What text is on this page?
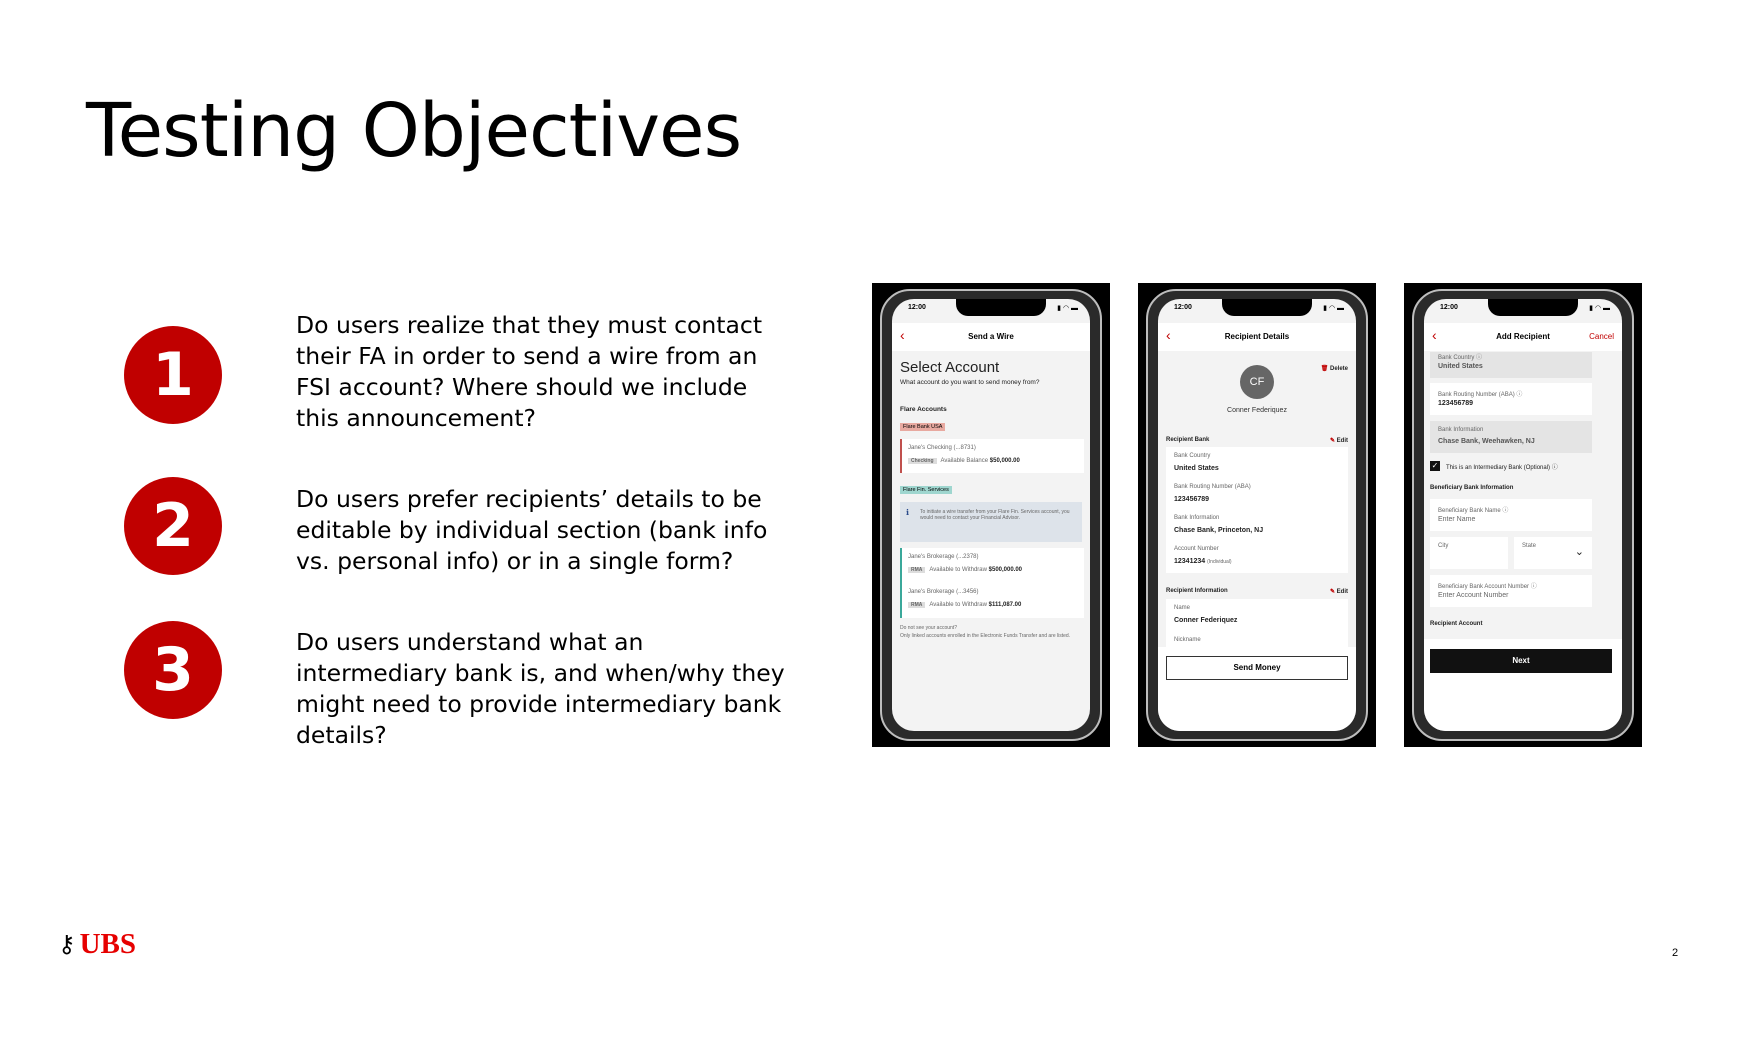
Testing Objectives
1
Do users realize that they must contact their FA in order to send a wire from an FSI account? Where should we include this announcement?
2	Do users prefer recipients’ details to be editable by individual section (bank info vs. personal info) or in a single form?
3	Do users understand what an intermediary bank is, and when/why they might need to provide intermediary bank details?
12:00	▮ ◠ ▬
‹	Send a Wire
Select Account
What account do you want to send money from?
Flare Accounts
Flare Bank USA
Jane's Checking (...8731)
Checking Available Balance $50,000.00
Flare Fin. Services
ℹ To initiate a wire transfer from your Flare Fin. Services account, you would need to contact your Financial Advisor.
Jane's Brokerage (...2378)
RMA Available to Withdraw $500,000.00
Jane's Brokerage (...3456)
RMA Available to Withdraw $111,087.00
Do not see your account?
Only linked accounts enrolled in the Electronic Funds Transfer and are listed.
12:00	▮ ◠ ▬
‹	Recipient Details
🗑 Delete
CF
Conner Federiquez
Recipient Bank	✎ Edit
Bank Country
United States
Bank Routing Number (ABA)
123456789
Bank Information
Chase Bank, Princeton, NJ
Account Number
12341234 (Individual)
Recipient Information	✎ Edit
Name
Conner Federiquez
Nickname
Send Money
12:00	▮ ◠ ▬
‹	Add Recipient	Cancel
Bank Country ⓘ
United States
Bank Routing Number (ABA) ⓘ
123456789
Bank Information
Chase Bank, Weehawken, NJ
✓ This is an Intermediary Bank (Optional) ⓘ
Beneficiary Bank Information
Beneficiary Bank Name ⓘ
Enter Name
City	State	⌄
Beneficiary Bank Account Number ⓘ
Enter Account Number
Recipient Account
Next
⚷ UBS	2
